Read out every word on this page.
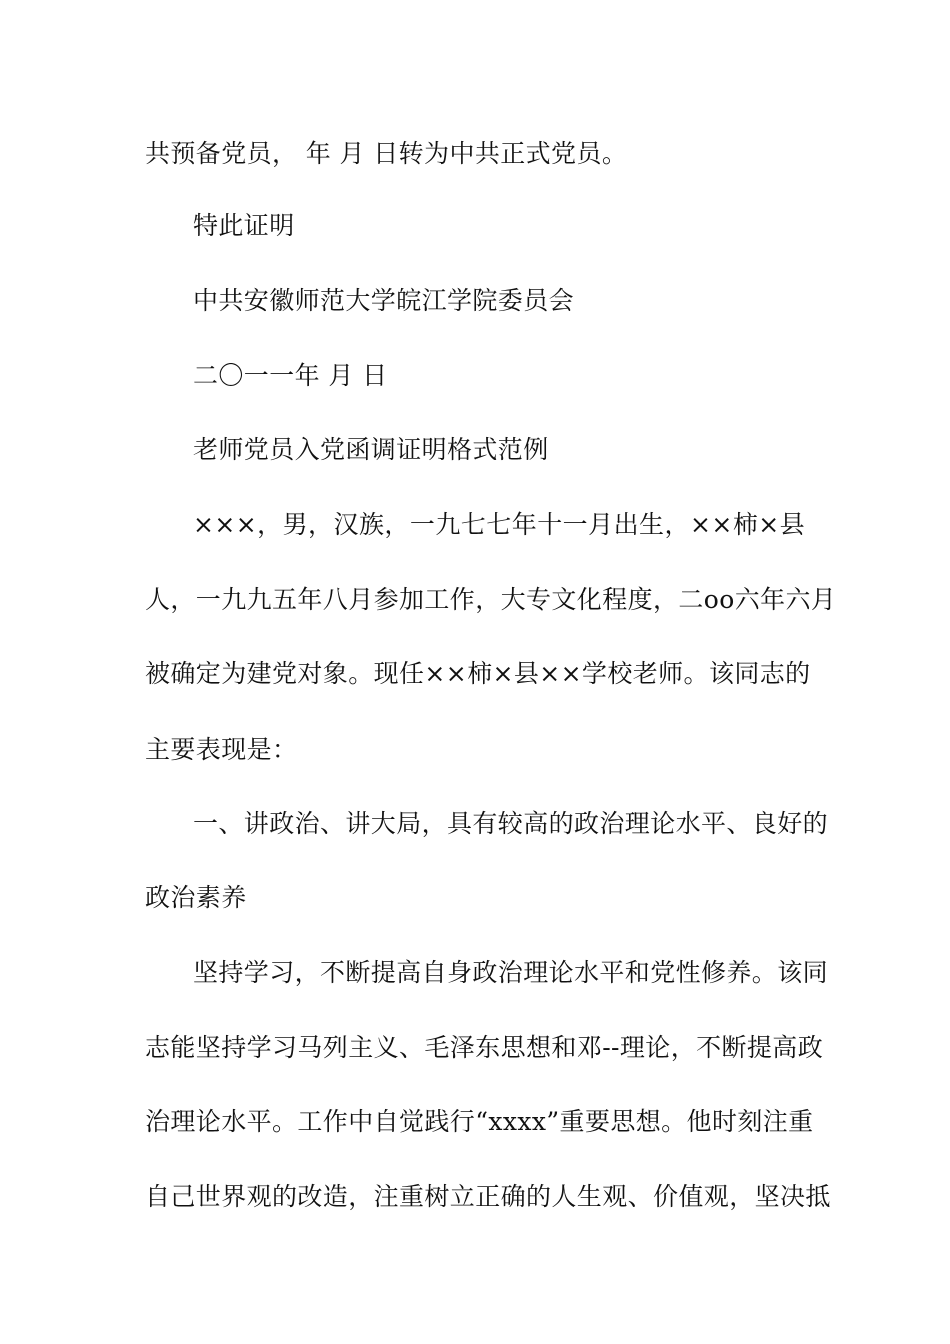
共预备党员， 年 月 日转为中共正式党员。
特此证明
中共安徽师范大学皖江学院委员会
二〇一一年 月 日
老师党员入党函调证明格式范例
×××，男，汉族，一九七七年十一月出生，××柿×县
人，一九九五年八月参加工作，大专文化程度，二oo六年六月
被确定为建党对象。现任××柿×县××学校老师。该同志的
主要表现是：
一、讲政治、讲大局，具有较高的政治理论水平、良好的
政治素养
坚持学习，不断提高自身政治理论水平和党性修养。该同
志能坚持学习马列主义、毛泽东思想和邓--理论，不断提高政
治理论水平。工作中自觉践行“xxxx”重要思想。他时刻注重
自己世界观的改造，注重树立正确的人生观、价值观，坚决抵
